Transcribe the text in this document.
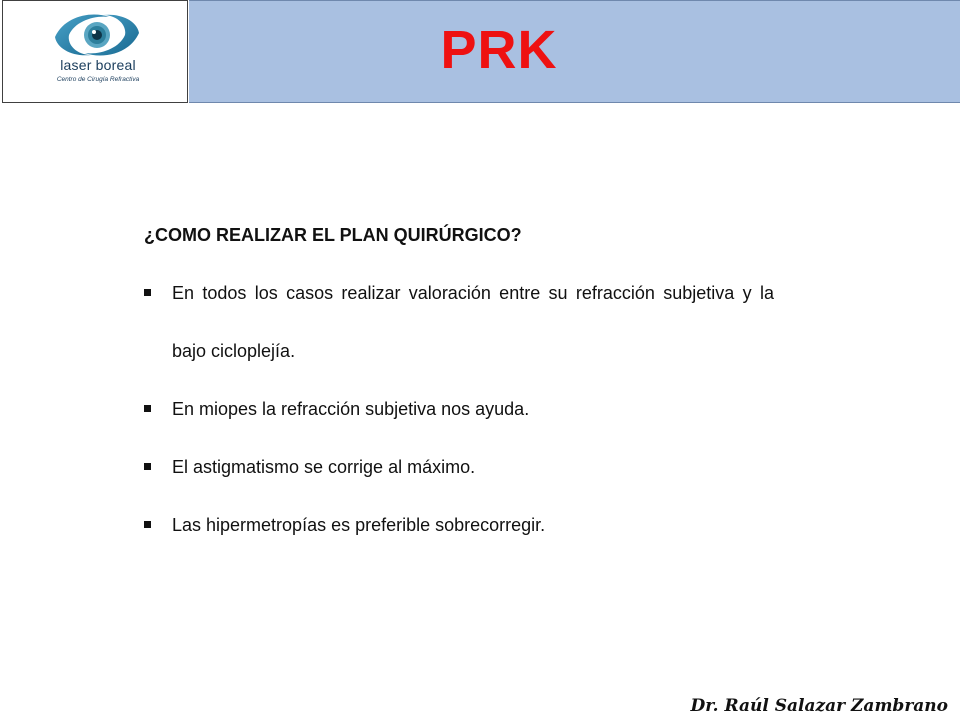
laser boreal
Centro de Cirugía Refractiva	PRK
¿COMO REALIZAR EL PLAN QUIRÚRGICO?
En todos los casos realizar valoración entre su refracción subjetiva y la bajo cicloplejía.
En miopes la refracción subjetiva nos ayuda.
El astigmatismo se corrige al máximo.
Las hipermetropías es preferible sobrecorregir.
Dr. Raúl Salazar Zambrano
